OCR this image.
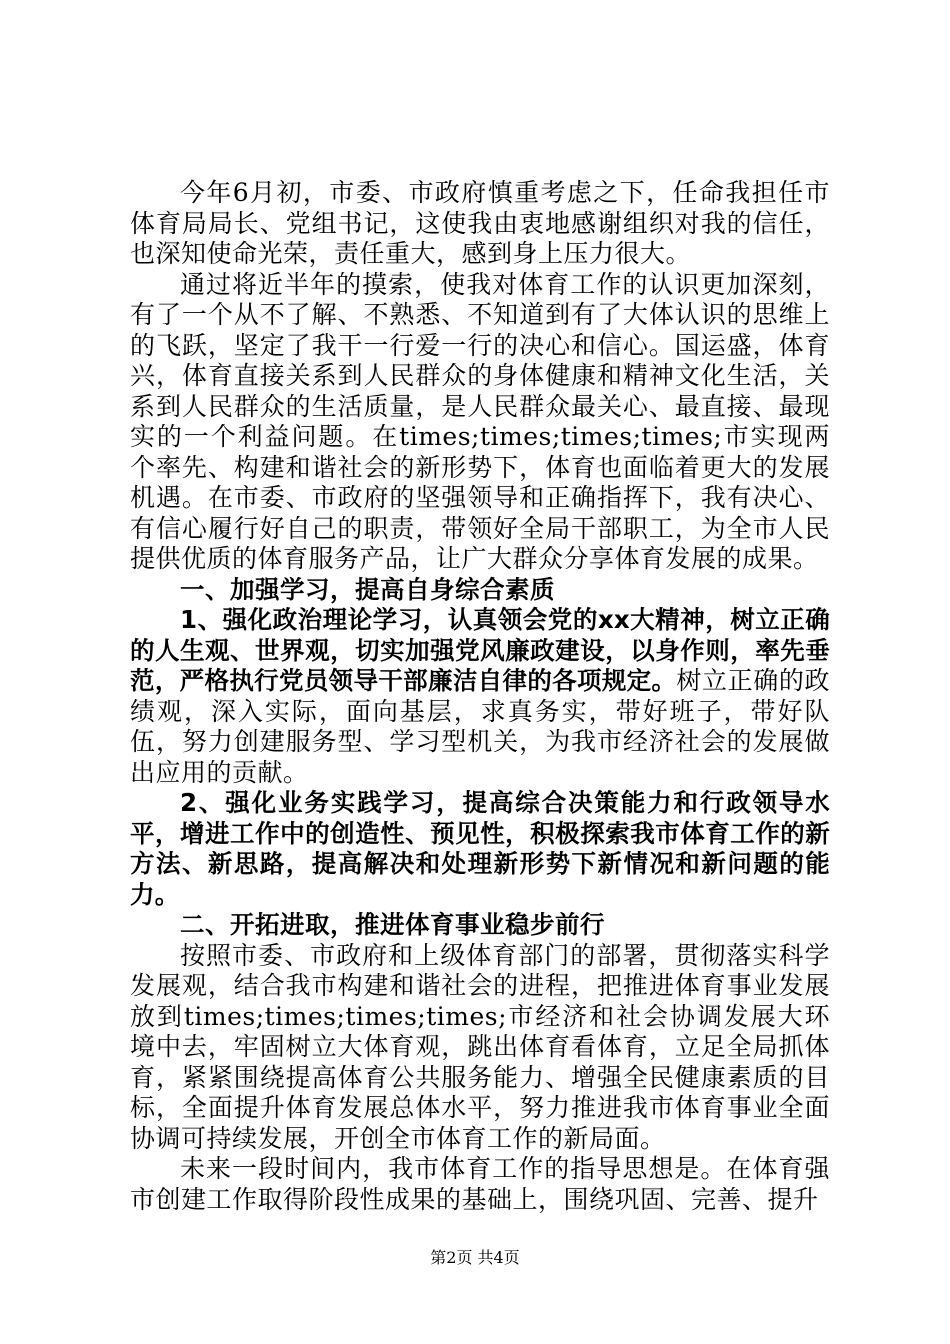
今年6月初，市委、市政府慎重考虑之下，任命我担任市体育局局长、党组书记，这使我由衷地感谢组织对我的信任，也深知使命光荣，责任重大，感到身上压力很大。

通过将近半年的摸索，使我对体育工作的认识更加深刻，有了一个从不了解、不熟悉、不知道到有了大体认识的思维上的飞跃，坚定了我干一行爱一行的决心和信心。国运盛，体育兴，体育直接关系到人民群众的身体健康和精神文化生活，关系到人民群众的生活质量，是人民群众最关心、最直接、最现实的一个利益问题。在times;times;times;times;市实现两个率先、构建和谐社会的新形势下，体育也面临着更大的发展机遇。在市委、市政府的坚强领导和正确指挥下，我有决心、有信心履行好自己的职责，带领好全局干部职工，为全市人民提供优质的体育服务产品，让广大群众分享体育发展的成果。

一、加强学习，提高自身综合素质

1、强化政治理论学习，认真领会党的xx大精神，树立正确的人生观、世界观，切实加强党风廉政建设，以身作则，率先垂范，严格执行党员领导干部廉洁自律的各项规定。树立正确的政绩观，深入实际，面向基层，求真务实，带好班子，带好队伍，努力创建服务型、学习型机关，为我市经济社会的发展做出应用的贡献。

2、强化业务实践学习，提高综合决策能力和行政领导水平，增进工作中的创造性、预见性，积极探索我市体育工作的新方法、新思路，提高解决和处理新形势下新情况和新问题的能力。

二、开拓进取，推进体育事业稳步前行

按照市委、市政府和上级体育部门的部署，贯彻落实科学发展观，结合我市构建和谐社会的进程，把推进体育事业发展放到times;times;times;times;市经济和社会协调发展大环境中去，牢固树立大体育观，跳出体育看体育，立足全局抓体育，紧紧围绕提高体育公共服务能力、增强全民健康素质的目标，全面提升体育发展总体水平，努力推进我市体育事业全面协调可持续发展，开创全市体育工作的新局面。

未来一段时间内，我市体育工作的指导思想是。在体育强市创建工作取得阶段性成果的基础上，围绕巩固、完善、提升

第2页 共4页
